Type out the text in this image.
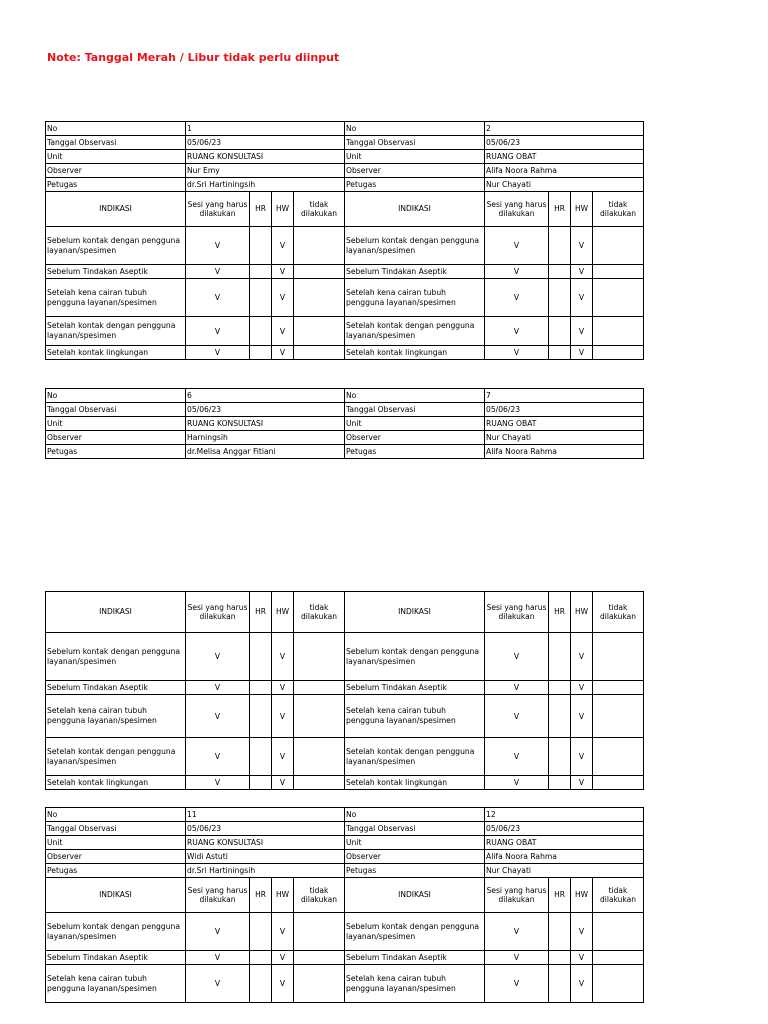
Note: Tanggal Merah / Libur tidak perlu diinput
No	1	No	2
Tanggal Observasi	05/06/23	Tanggal Observasi	05/06/23
Unit	RUANG KONSULTASI	Unit	RUANG OBAT
Observer	Nur Emy	Observer	Alifa Noora Rahma
Petugas	dr.Sri Hartiningsih	Petugas	Nur Chayati
INDIKASI	Sesi yang harus dilakukan	HR	HW	tidak dilakukan	INDIKASI	Sesi yang harus dilakukan	HR	HW	tidak dilakukan
Sebelum kontak dengan pengguna layanan/spesimen	V		V		Sebelum kontak dengan pengguna layanan/spesimen	V		V	
Sebelum Tindakan Aseptik	V		V		Sebelum Tindakan Aseptik	V		V	
Setelah kena cairan tubuh pengguna layanan/spesimen	V		V		Setelah kena cairan tubuh pengguna layanan/spesimen	V		V	
Setelah kontak dengan pengguna layanan/spesimen	V		V		Setelah kontak dengan pengguna layanan/spesimen	V		V	
Setelah kontak lingkungan	V		V		Setelah kontak lingkungan	V		V	
No	6	No	7
Tanggal Observasi	05/06/23	Tanggal Observasi	05/06/23
Unit	RUANG KONSULTASI	Unit	RUANG OBAT
Observer	Harningsih	Observer	Nur Chayati
Petugas	dr.Melisa Anggar Fitiani	Petugas	Alifa Noora Rahma
INDIKASI	Sesi yang harus dilakukan	HR	HW	tidak dilakukan	INDIKASI	Sesi yang harus dilakukan	HR	HW	tidak dilakukan
Sebelum kontak dengan pengguna layanan/spesimen	V		V		Sebelum kontak dengan pengguna layanan/spesimen	V		V	
Sebelum Tindakan Aseptik	V		V		Sebelum Tindakan Aseptik	V		V	
Setelah kena cairan tubuh pengguna layanan/spesimen	V		V		Setelah kena cairan tubuh pengguna layanan/spesimen	V		V	
Setelah kontak dengan pengguna layanan/spesimen	V		V		Setelah kontak dengan pengguna layanan/spesimen	V		V	
Setelah kontak lingkungan	V		V		Setelah kontak lingkungan	V		V	
No	11	No	12
Tanggal Observasi	05/06/23	Tanggal Observasi	05/06/23
Unit	RUANG KONSULTASI	Unit	RUANG OBAT
Observer	Widi Astuti	Observer	Alifa Noora Rahma
Petugas	dr.Sri Hartiningsih	Petugas	Nur Chayati
INDIKASI	Sesi yang harus dilakukan	HR	HW	tidak dilakukan	INDIKASI	Sesi yang harus dilakukan	HR	HW	tidak dilakukan
Sebelum kontak dengan pengguna layanan/spesimen	V		V		Sebelum kontak dengan pengguna layanan/spesimen	V		V	
Sebelum Tindakan Aseptik	V		V		Sebelum Tindakan Aseptik	V		V	
Setelah kena cairan tubuh pengguna layanan/spesimen	V		V		Setelah kena cairan tubuh pengguna layanan/spesimen	V		V	
